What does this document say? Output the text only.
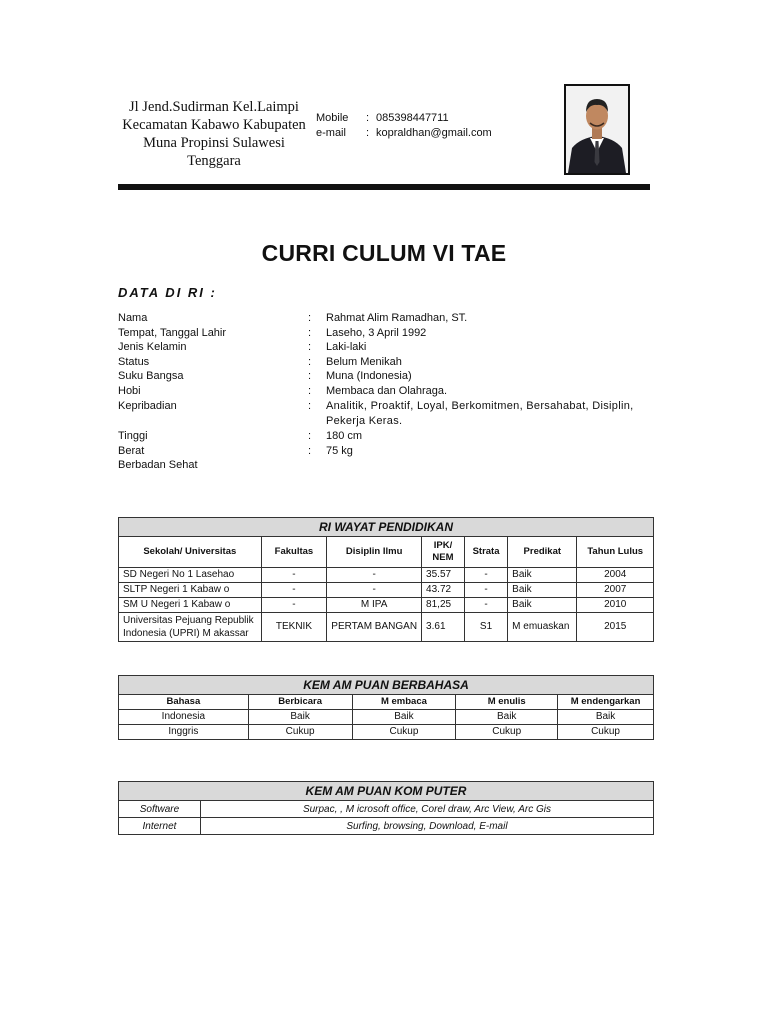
Jl Jend.Sudirman Kel.Laimpi
Kecamatan Kabawo Kabupaten
Muna Propinsi Sulawesi
Tenggara
Mobile	: 085398447711
e-mail	: kopraldhan@gmail.com
CURRI CULUM VI TAE
DATA DI RI :
Nama	:	Rahmat Alim Ramadhan, ST.
Tempat, Tanggal Lahir	:	Laseho, 3 April 1992
Jenis Kelamin	:	Laki-laki
Status	:	Belum Menikah
Suku Bangsa	:	Muna (Indonesia)
Hobi	:	Membaca dan Olahraga.
Kepribadian	:	Analitik, Proaktif, Loyal, Berkomitmen, Bersahabat, Disiplin, Pekerja Keras.
Tinggi	:	180 cm
Berat	:	75 kg
Berbadan Sehat
RI WAYAT PENDIDIKAN						
Sekolah/ Universitas	Fakultas	Disiplin Ilmu	IPK/ NEM	Strata	Predikat	Tahun Lulus
SD Negeri No 1 Lasehao	-	-	35.57	-	Baik	2004
SLTP Negeri 1 Kabaw o	-	-	43.72	-	Baik	2007
SM U Negeri 1 Kabaw o	-	M IPA	81,25	-	Baik	2010
Universitas Pejuang Republik Indonesia (UPRI) M akassar	TEKNIK	PERTAM BANGAN	3.61	S1	M emuaskan	2015
KEM AM PUAN BERBAHASA				
Bahasa	Berbicara	M embaca	M enulis	M endengarkan
Indonesia	Baik	Baik	Baik	Baik
Inggris	Cukup	Cukup	Cukup	Cukup
KEM AM PUAN KOM PUTER	
Software	Surpac, , M icrosoft office, Corel draw, Arc View, Arc Gis
Internet	Surfing, browsing, Download, E-mail
